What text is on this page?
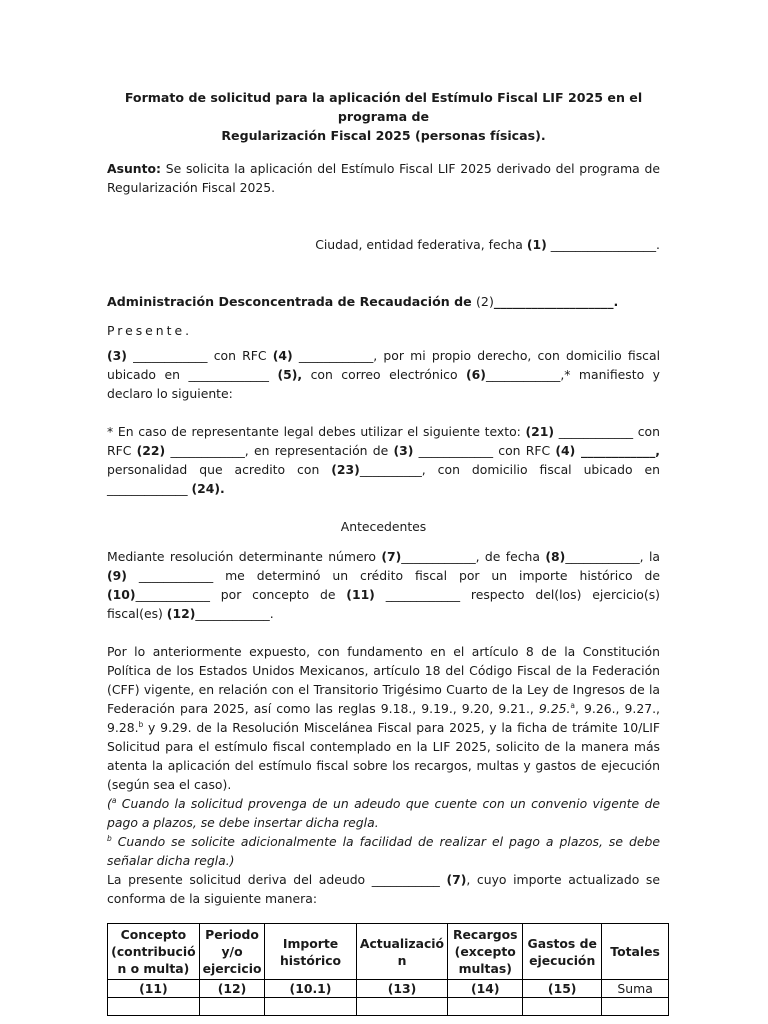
Formato de solicitud para la aplicación del Estímulo Fiscal LIF 2025 en el programa de
Regularización Fiscal 2025 (personas físicas).

Asunto: Se solicita la aplicación del Estímulo Fiscal LIF 2025 derivado del programa de Regularización Fiscal 2025.

Ciudad, entidad federativa, fecha (1) _________________.

Administración Desconcentrada de Recaudación de (2)___________________.

Presente.

(3) ____________ con RFC (4) ____________, por mi propio derecho, con domicilio fiscal ubicado en _____________ (5), con correo electrónico (6)____________,* manifiesto y declaro lo siguiente:

* En caso de representante legal debes utilizar el siguiente texto: (21) ____________ con RFC (22) ____________, en representación de (3) ____________ con RFC (4) ____________, personalidad que acredito con (23)__________, con domicilio fiscal ubicado en _____________ (24).

Antecedentes

Mediante resolución determinante número (7)____________, de fecha (8)____________, la (9) ____________ me determinó un crédito fiscal por un importe histórico de (10)____________ por concepto de (11) ____________ respecto del(los) ejercicio(s) fiscal(es) (12)____________.

Por lo anteriormente expuesto, con fundamento en el artículo 8 de la Constitución Política de los Estados Unidos Mexicanos, artículo 18 del Código Fiscal de la Federación (CFF) vigente, en relación con el Transitorio Trigésimo Cuarto de la Ley de Ingresos de la Federación para 2025, así como las reglas 9.18., 9.19., 9.20, 9.21., 9.25.$^a$, 9.26., 9.27., 9.28.$^b$ y 9.29. de la Resolución Miscelánea Fiscal para 2025, y la ficha de trámite 10/LIF Solicitud para el estímulo fiscal contemplado en la LIF 2025, solicito de la manera más atenta la aplicación del estímulo fiscal sobre los recargos, multas y gastos de ejecución (según sea el caso).

($^a$ Cuando la solicitud provenga de un adeudo que cuente con un convenio vigente de pago a plazos, se debe insertar dicha regla.

$^b$ Cuando se solicite adicionalmente la facilidad de realizar el pago a plazos, se debe señalar dicha regla.)

La presente solicitud deriva del adeudo ___________ (7), cuyo importe actualizado se conforma de la siguiente manera:

Concepto (contribució n o multa)	Periodo y/o ejercicio	Importe histórico	Actualizació n	Recargos (excepto multas)	Gastos de ejecución	Totales
(11)	(12)	(10.1)	(13)	(14)	(15)	Suma
